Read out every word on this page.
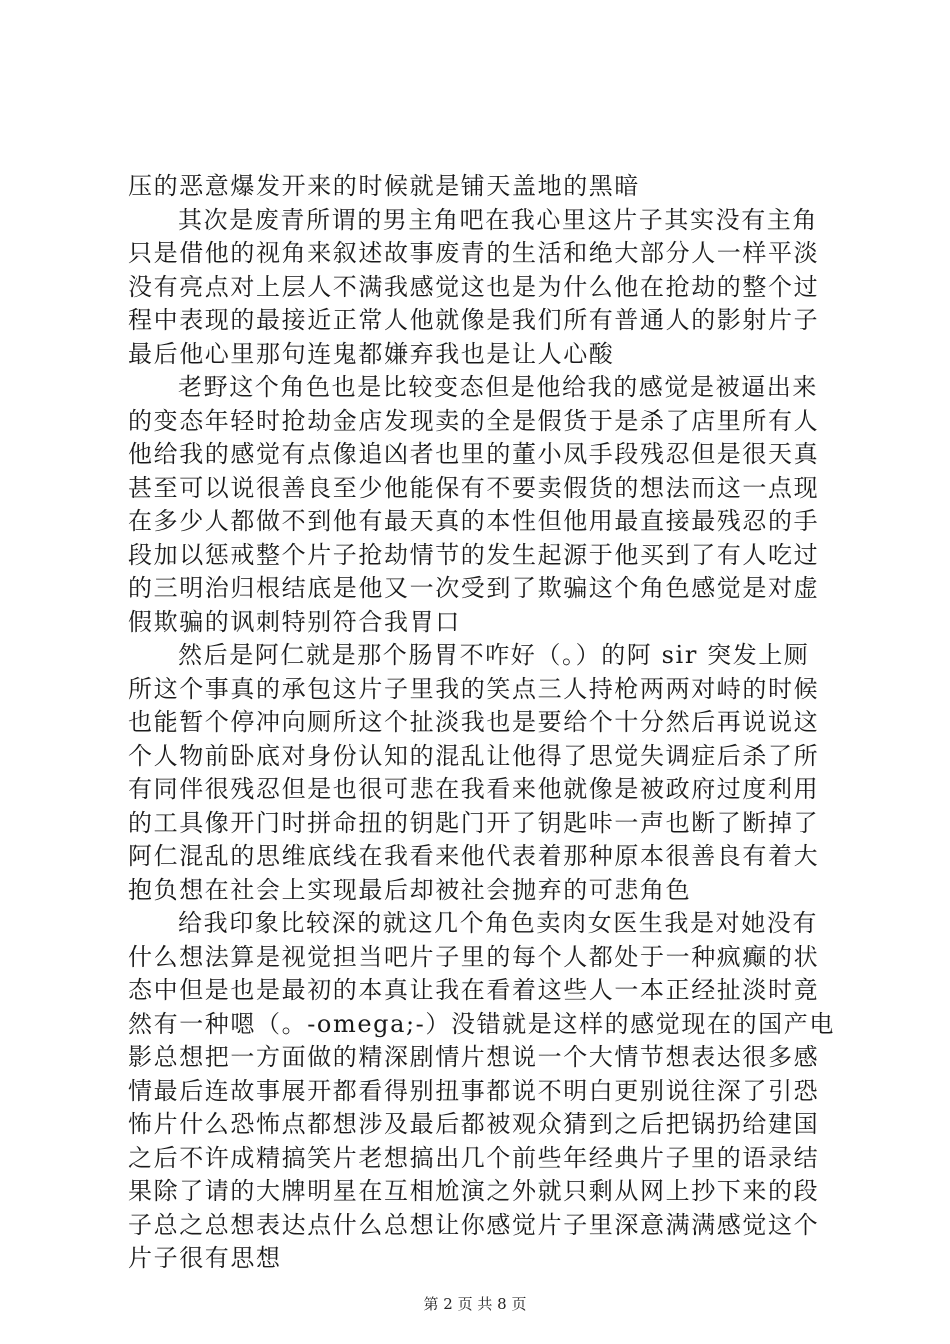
压的恶意爆发开来的时候就是铺天盖地的黑暗
其次是废青所谓的男主角吧在我心里这片子其实没有主角
只是借他的视角来叙述故事废青的生活和绝大部分人一样平淡
没有亮点对上层人不满我感觉这也是为什么他在抢劫的整个过
程中表现的最接近正常人他就像是我们所有普通人的影射片子
最后他心里那句连鬼都嫌弃我也是让人心酸
老野这个角色也是比较变态但是他给我的感觉是被逼出来
的变态年轻时抢劫金店发现卖的全是假货于是杀了店里所有人
他给我的感觉有点像追凶者也里的董小凤手段残忍但是很天真
甚至可以说很善良至少他能保有不要卖假货的想法而这一点现
在多少人都做不到他有最天真的本性但他用最直接最残忍的手
段加以惩戒整个片子抢劫情节的发生起源于他买到了有人吃过
的三明治归根结底是他又一次受到了欺骗这个角色感觉是对虚
假欺骗的讽刺特别符合我胃口
然后是阿仁就是那个肠胃不咋好（。）的阿 sir 突发上厕
所这个事真的承包这片子里我的笑点三人持枪两两对峙的时候
也能暂个停冲向厕所这个扯淡我也是要给个十分然后再说说这
个人物前卧底对身份认知的混乱让他得了思觉失调症后杀了所
有同伴很残忍但是也很可悲在我看来他就像是被政府过度利用
的工具像开门时拼命扭的钥匙门开了钥匙咔一声也断了断掉了
阿仁混乱的思维底线在我看来他代表着那种原本很善良有着大
抱负想在社会上实现最后却被社会抛弃的可悲角色
给我印象比较深的就这几个角色卖肉女医生我是对她没有
什么想法算是视觉担当吧片子里的每个人都处于一种疯癫的状
态中但是也是最初的本真让我在看着这些人一本正经扯淡时竟
然有一种嗯（。-omega;-）没错就是这样的感觉现在的国产电
影总想把一方面做的精深剧情片想说一个大情节想表达很多感
情最后连故事展开都看得别扭事都说不明白更别说往深了引恐
怖片什么恐怖点都想涉及最后都被观众猜到之后把锅扔给建国
之后不许成精搞笑片老想搞出几个前些年经典片子里的语录结
果除了请的大牌明星在互相尬演之外就只剩从网上抄下来的段
子总之总想表达点什么总想让你感觉片子里深意满满感觉这个
片子很有思想
第 2 页 共 8 页
